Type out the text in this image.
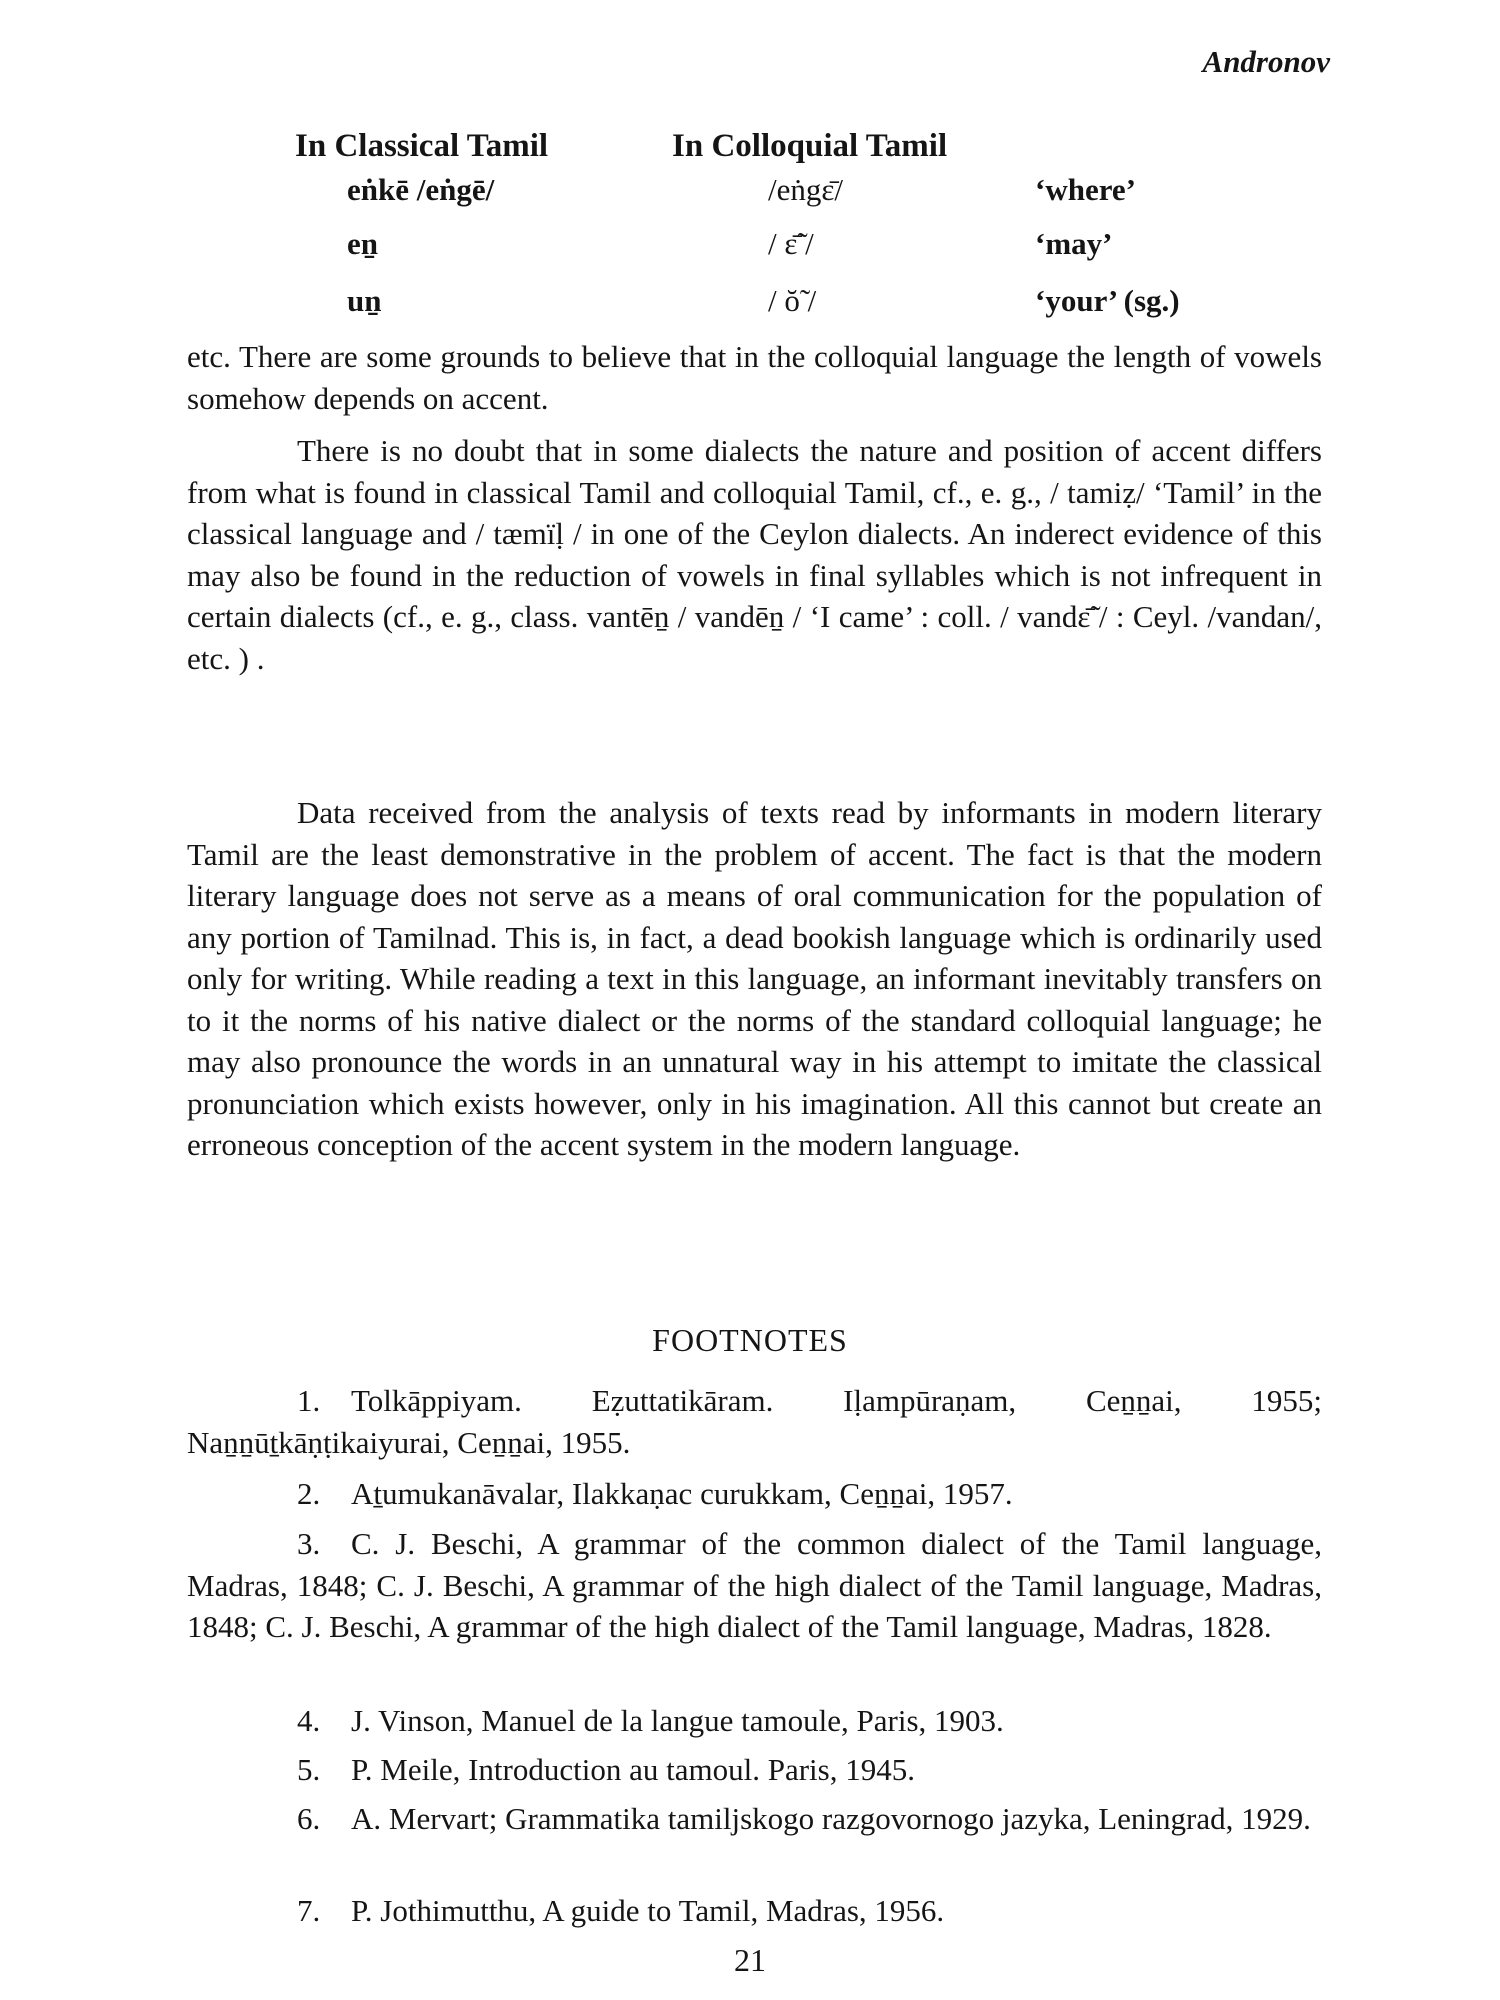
Andronov
In Classical Tamil	In Colloquial Tamil
eṅkē /eṅgē/	/eṅgɛ̄/	‘where’
eṉ	/ ɛ̃̄ /	‘may’
uṉ	/ ŏ̃ /	‘your’ (sg.)

etc. There are some grounds to believe that in the colloquial language the length of vowels somehow depends on accent.

There is no doubt that in some dialects the nature and position of accent differs from what is found in classical Tamil and colloquial Tamil, cf., e. g., / tamiẓ/ ‘Tamil’ in the classical language and / tæmïḷ / in one of the Ceylon dialects. An inderect evidence of this may also be found in the reduction of vowels in final syllables which is not infrequent in certain dialects (cf., e. g., class. vantēṉ / vandēṉ / ‘I came’ : coll. / vandɛ̃̄ / : Ceyl. /vandan/, etc. ) .

Data received from the analysis of texts read by informants in modern literary Tamil are the least demonstrative in the problem of accent. The fact is that the modern literary language does not serve as a means of oral communication for the population of any portion of Tamilnad. This is, in fact, a dead bookish language which is ordinarily used only for writing. While reading a text in this language, an informant inevitably transfers on to it the norms of his native dialect or the norms of the standard colloquial language; he may also pronounce the words in an unnatural way in his attempt to imitate the classical pronunciation which exists however, only in his imagination. All this cannot but create an erroneous conception of the accent system in the modern language.

FOOTNOTES

1. Tolkāppiyam. Eẓuttatikāram. Iḷampūraṇam, Ceṉṉai, 1955; Naṉṉūṯkāṇṭikaiyurai, Ceṉṉai, 1955.

2. Aṯumukanāvalar, Ilakkaṇac curukkam, Ceṉṉai, 1957.

3. C. J. Beschi, A grammar of the common dialect of the Tamil language, Madras, 1848; C. J. Beschi, A grammar of the high dialect of the Tamil language, Madras, 1848; C. J. Beschi, A grammar of the high dialect of the Tamil language, Madras, 1828.

4. J. Vinson, Manuel de la langue tamoule, Paris, 1903.

5. P. Meile, Introduction au tamoul. Paris, 1945.

6. A. Mervart; Grammatika tamiljskogo razgovornogo jazyka, Leningrad, 1929.

7. P. Jothimutthu, A guide to Tamil, Madras, 1956.

21
